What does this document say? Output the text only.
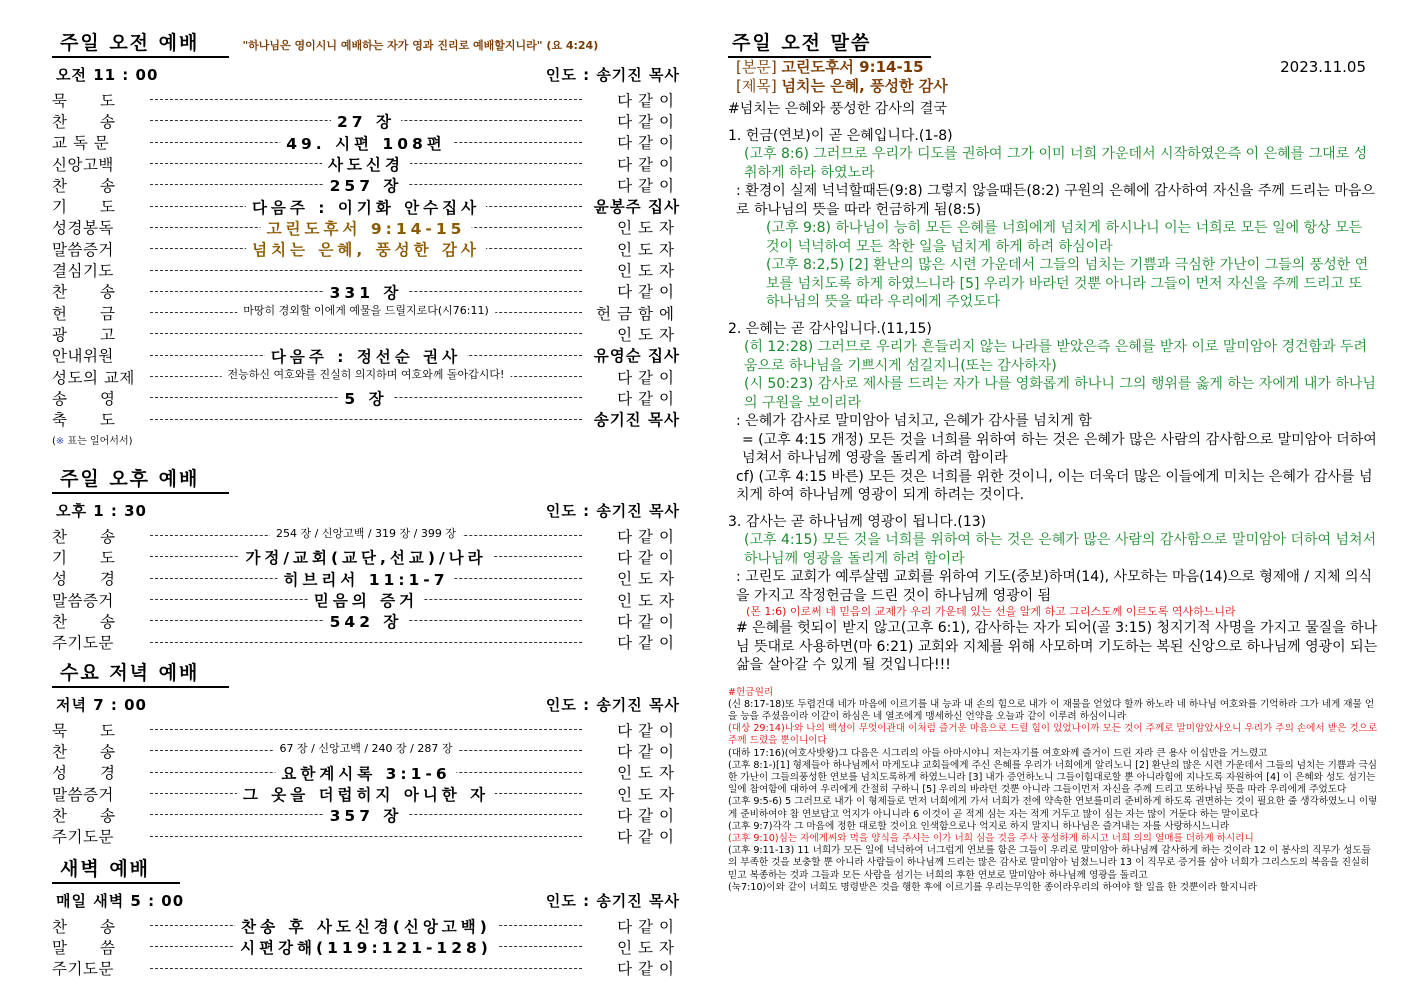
주일 오전 예배	"하나님은 영이시니 예배하는 자가 영과 진리로 예배할지니라" (요 4:24)
오전 11 : 00	인도 : 송기진 목사
묵      도	다같이
찬      송	27 장	다같이
교 독 문	49. 시편 108편	다같이
신앙고백	사도신경	다같이
찬      송	257 장	다같이
기      도	다음주 : 이기화 안수집사	윤봉주 집사
성경봉독	고린도후서 9:14-15	인도자
말씀증거	넘치는 은혜, 풍성한 감사	인도자
결심기도	인도자
찬      송	331 장	다같이
헌      금	마땅히 경외할 이에게 예물을 드릴지로다(시76:11)	헌금함에
광      고	인도자
안내위원	다음주 : 정선순 권사	유영순 집사
성도의 교제	전능하신 여호와를 진실히 의지하며 여호와께 돌아갑시다!	다같이
송      영	5 장	다같이
축      도	송기진 목사
(※ 표는 일어서서)
주일 오후 예배
오후 1 : 30	인도 : 송기진 목사
찬      송	254 장 / 신앙고백 / 319 장 / 399 장	다같이
기      도	가정/교회(교단,선교)/나라	다같이
성      경	히브리서 11:1-7	인도자
말씀증거	믿음의 증거	인도자
찬      송	542 장	다같이
주기도문	다같이
수요 저녁 예배
저녁 7 : 00	인도 : 송기진 목사
묵      도	다같이
찬      송	67 장 / 신앙고백 / 240 장 / 287 장	다같이
성      경	요한계시록 3:1-6	인도자
말씀증거	그 옷을 더럽히지 아니한 자	인도자
찬      송	357 장	다같이
주기도문	다같이
새벽 예배
매일 새벽 5 : 00	인도 : 송기진 목사
찬      송	찬송 후 사도신경(신앙고백)	다같이
말      씀	시편강해(119:121-128)	인도자
주기도문	다같이
주일 오전 말씀
2023.11.05
[본문] 고린도후서 9:14-15
[제목] 넘치는 은혜, 풍성한 감사
#넘치는 은혜와 풍성한 감사의 결국
1. 헌금(연보)이 곧 은혜입니다.(1-8)
(고후 8:6) 그러므로 우리가 디도를 권하여 그가 이미 너희 가운데서 시작하였은즉 이 은혜를 그대로 성취하게 하라 하였노라
: 환경이 실제 넉넉할때든(9:8) 그렇지 않을때든(8:2) 구원의 은혜에 감사하여 자신을 주께 드리는 마음으로 하나님의 뜻을 따라 헌금하게 됨(8:5)
(고후 9:8) 하나님이 능히 모든 은혜를 너희에게 넘치게 하시나니 이는 너희로 모든 일에 항상 모든 것이 넉넉하여 모든 착한 일을 넘치게 하게 하려 하심이라
(고후 8:2,5) [2] 환난의 많은 시련 가운데서 그들의 넘치는 기쁨과 극심한 가난이 그들의 풍성한 연보를 넘치도록 하게 하였느니라 [5] 우리가 바라던 것뿐 아니라 그들이 먼저 자신을 주께 드리고 또 하나님의 뜻을 따라 우리에게 주었도다
2. 은혜는 곧 감사입니다.(11,15)
(히 12:28) 그러므로 우리가 흔들리지 않는 나라를 받았은즉 은혜를 받자 이로 말미암아 경건함과 두려움으로 하나님을 기쁘시게 섬길지니(또는 감사하자)
(시 50:23) 감사로 제사를 드리는 자가 나를 영화롭게 하나니 그의 행위를 옳게 하는 자에게 내가 하나님의 구원을 보이리라
: 은혜가 감사로 말미암아 넘치고, 은혜가 감사를 넘치게 함
= (고후 4:15 개정) 모든 것을 너희를 위하여 하는 것은 은혜가 많은 사람의 감사함으로 말미암아 더하여 넘쳐서 하나님께 영광을 돌리게 하려 함이라
cf) (고후 4:15 바른) 모든 것은 너희를 위한 것이니, 이는 더욱더 많은 이들에게 미치는 은혜가 감사를 넘치게 하여 하나님께 영광이 되게 하려는 것이다.
3. 감사는 곧 하나님께 영광이 됩니다.(13)
(고후 4:15) 모든 것을 너희를 위하여 하는 것은 은혜가 많은 사람의 감사함으로 말미암아 더하여 넘쳐서 하나님께 영광을 돌리게 하려 함이라
: 고린도 교회가 예루살렘 교회를 위하여 기도(중보)하며(14), 사모하는 마음(14)으로 형제애 / 지체 의식을 가지고 작정헌금을 드린 것이 하나님께 영광이 됨
(몬 1:6) 이로써 네 믿음의 교제가 우리 가운데 있는 선을 알게 하고 그리스도께 이르도록 역사하느니라
# 은혜를 헛되이 받지 않고(고후 6:1), 감사하는 자가 되어(골 3:15) 청지기적 사명을 가지고 물질을 하나님 뜻대로 사용하면(마 6:21) 교회와 지체를 위해 사모하며 기도하는 복된 신앙으로 하나님께 영광이 되는 삶을 살아갈 수 있게 될 것입니다!!!
#헌금원리
(신 8:17-18)또 두렵건대 네가 마음에 이르기를 내 능과 내 손의 힘으로 내가 이 재물을 얻었다 할까 하노라 네 하나님 여호와를 기억하라 그가 네게 재물 얻을 능을 주셨음이라 이같이 하심은 네 열조에게 맹세하신 언약을 오늘과 같이 이루려 하심이니라
(대상 29:14)나와 나의 백성이 무엇이관대 이처럼 즐거운 마음으로 드릴 힘이 있었나이까 모든 것이 주께로 말미암았사오니 우리가 주의 손에서 받은 것으로 주께 드렸을 뿐이니이다
(대하 17:16)(여호사밧왕)그 다음은 시그리의 아들 아마시야니 저는자기를 여호와께 즐거이 드린 자라 큰 용사 이십만을 거느렸고
(고후 8:1-)[1] 형제들아 하나님께서 마게도냐 교회들에게 주신 은혜를 우리가 너희에게 알리노니 [2] 환난의 많은 시련 가운데서 그들의 넘치는 기쁨과 극심한 가난이 그들의풍성한 연보를 넘치도록하게 하였느니라 [3] 내가 증언하노니 그들이힘대로할 뿐 아니라힘에 지나도록 자원하여 [4] 이 은혜와 성도 섬기는 일에 참여함에 대하여 우리에게 간절히 구하니 [5] 우리의 바라던 것뿐 아니라 그들이먼저 자신을 주께 드리고 또하나님 뜻을 따라 우리에게 주었도다
(고후 9:5-6) 5 그러므로 내가 이 형제들로 먼저 너희에게 가서 너희가 전에 약속한 연보를미리 준비하게 하도록 권면하는 것이 필요한 줄 생각하였노니 이렇게 준비하여야 참 연보답고 억지가 아니니라 6 이것이 곧 적게 심는 자는 적게 거두고 많이 심는 자는 많이 거둔다 하는 말이로다
(고후 9:7)각각 그 마음에 정한 대로할 것이요 인색함으로나 억지로 하지 말지니 하나님은 즐겨내는 자를 사랑하시느니라
(고후 9:10)심는 자에게씨와 먹을 양식을 주시는 이가 너희 심을 것을 주사 풍성하게 하시고 너희 의의 열매를 더하게 하시리니
(고후 9:11-13) 11 너희가 모든 일에 넉넉하여 너그럽게 연보를 함은 그들이 우리로 말미암아 하나님께 감사하게 하는 것이라 12 이 봉사의 직무가 성도들의 부족한 것을 보충할 뿐 아니라 사람들이 하나님께 드리는 많은 감사로 말미암아 넘쳤느니라 13 이 직무로 증거를 삼아 너희가 그리스도의 복음을 진실히 믿고 복종하는 것과 그들과 모든 사람을 섬기는 너희의 후한 연보로 말미암아 하나님께 영광을 돌리고
(눅7:10)이와 같이 너희도 명령받은 것을 행한 후에 이르기를 우리는무익한 종이라우리의 하여야 할 일을 한 것뿐이라 할지니라
